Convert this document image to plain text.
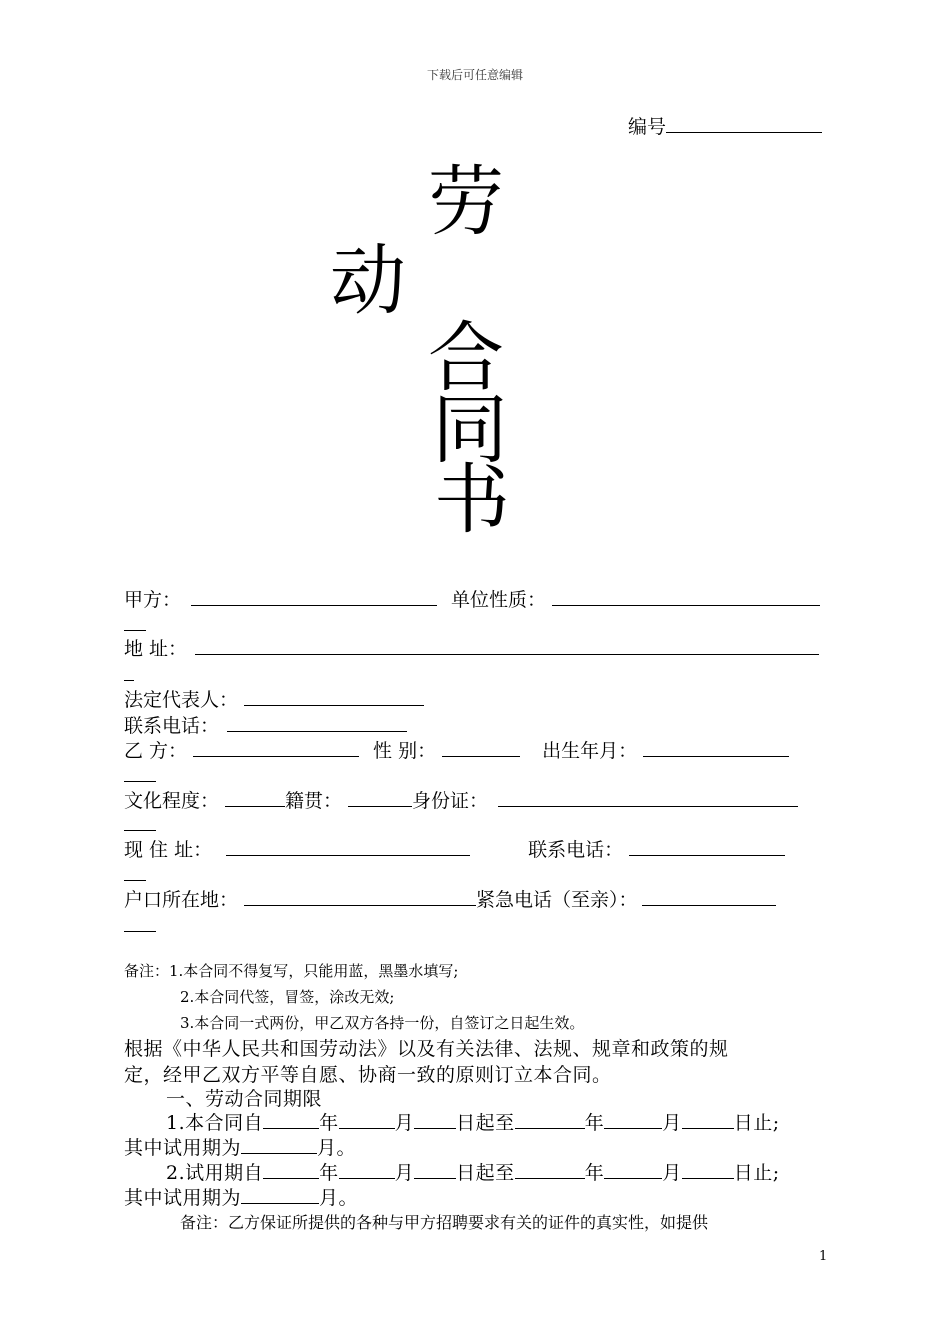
下载后可任意编辑
编号
劳
动
合
同
书
甲方：	单位性质：
地 址：
法定代表人：
联系电话：
乙 方：	性 别：	出生年月：
文化程度：	籍贯：	身份证：
现 住 址：	联系电话：
户口所在地：	紧急电话（至亲）：
备注：1.本合同不得复写，只能用蓝，黑墨水填写;
2.本合同代签，冒签，涂改无效;
3.本合同一式两份，甲乙双方各持一份，自签订之日起生效。
根据《中华人民共和国劳动法》以及有关法律、法规、规章和政策的规
定，经甲乙双方平等自愿、协商一致的原则订立本合同。
一、劳动合同期限
1.本合同自	年	月 日起至	年	月	日止;
其中试用期为	月。
2.试用期自	年	月 日起至	年	月	日止;
其中试用期为	月。
备注：乙方保证所提供的各种与甲方招聘要求有关的证件的真实性，如提供
1
